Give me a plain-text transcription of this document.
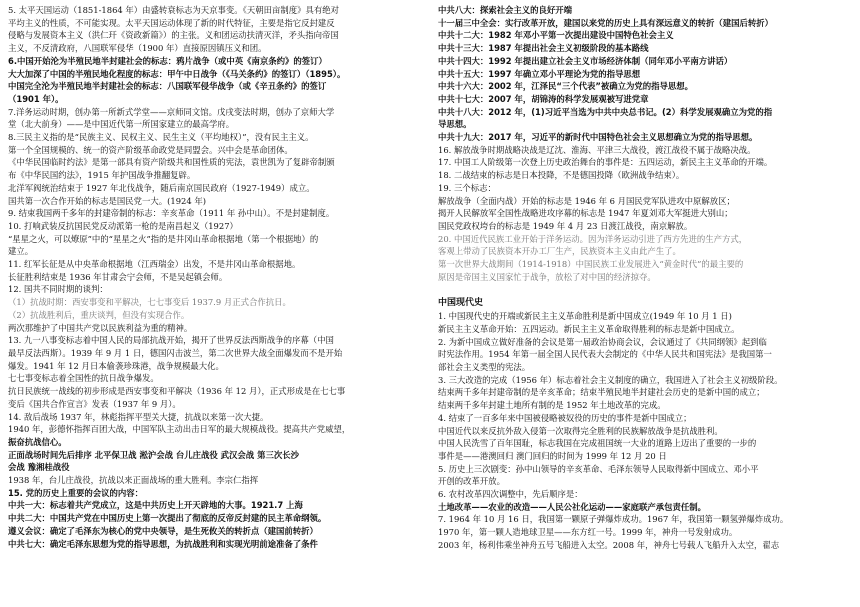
5. 太平天国运动（1851-1864 年）由盛转衰标志为天京事变。《天朝田亩制度》具有绝对
平均主义的性质，不可能实现。太平天国运动体现了新的时代特征，主要是指它反封建反
侵略与发展资本主义（洪仁玕《资政新篇》）的主张。义和团运动扶清灭洋，矛头指向帝国
主义，不反清政府，八国联军侵华（1900 年）直接原因镇压义和团。
6.中国开始沦为半殖民地半封建社会的标志：鸦片战争（或中英《南京条约》的签订）
大大加深了中国的半殖民地化程度的标志：甲午中日战争（《马关条约》的签订）（1895）。
中国完全沦为半殖民地半封建社会的标志：八国联军侵华战争（或《辛丑条约》的签订
（1901 年）。
7.洋务运动时期，创办第一所新式学堂——京师同文馆。戊戌变法时期，创办了京师大学
堂（北大前身）——是中国近代第一所国家建立的最高学府。
8.三民主义指的是“民族主义、民权主义、民生主义（平均地权）”，没有民主主义。
第一个全国规模的、统一的资产阶级革命政党是同盟会。兴中会是革命团体。
《中华民国临时约法》是第一部具有资产阶级共和国性质的宪法，袁世凯为了复辟帝制颁
布《中华民国约法》，1915 年护国战争推翻复辟。
北洋军阀统治结束于 1927 年北伐战争，随后南京国民政府（1927-1949）成立。
国共第一次合作开始的标志是国民党一大。(1924 年)
9. 结束我国两千多年的封建帝制的标志：辛亥革命（1911 年 孙中山）。不是封建制度。
10. 打响武装反抗国民党反动派第一枪的是南昌起义（1927）
“星星之火，可以燎原”中的“星星之火”指的是井冈山革命根据地（第一个根据地）的
建立。
11. 红军长征是从中央革命根据地（江西瑞金）出发，不是井冈山革命根据地。
长征胜利结束是 1936 年甘肃会宁会师，不是吴起镇会师。
12. 国共不同时期的谈判：
（1）抗战时期：西安事变和平解决，七七事变后 1937.9 月正式合作抗日。
（2）抗战胜利后，重庆谈判，但没有实现合作。
两次那维护了中国共产党以民族利益为重的精神。
13. 九一八事变标志着中国人民的局部抗战开始，揭开了世界反法西斯战争的序幕（中国
最早反法西斯）。1939 年 9 月 1 日，德国闪击波兰，第二次世界大战全面爆发而不是开始
爆发。1941 年 12 月日本偷袭珍珠港，战争规模最大化。
七七事变标志着全国性的抗日战争爆发。
抗日民族统一战线的初步形成是西安事变和平解决（1936 年 12 月），正式形成是在七七事
变后《国共合作宣言》发表（1937 年 9 月）。
14. 敌后战场 1937 年，林彪指挥平型关大捷，抗战以来第一次大捷。
1940 年，彭德怀指挥百团大战，中国军队主动出击日军的最大规模战役。提高共产党威望，
振奋抗战信心。
正面战场时间先后排序 北平保卫战 淞沪会战 台儿庄战役 武汉会战 第三次长沙
会战 豫湘桂战役
1938 年，台儿庄战役，抗战以来正面战场的重大胜利。李宗仁指挥
15. 党的历史上重要的会议的内容：
中共一大：标志着共产党成立，这是中共历史上开天辟地的大事。1921.7 上海
中共二大：中国共产党在中国历史上第一次提出了彻底的反帝反封建的民主革命纲领。
遵义会议：确定了毛泽东为核心的党中央领导，是生死攸关的转折点（建国前转折）
中共七大：确定毛泽东思想为党的指导思想，为抗战胜利和实现光明前途准备了条件
中共八大：探索社会主义的良好开端
十一届三中全会：实行改革开放，建国以来党的历史上具有深远意义的转折（建国后转折）
中共十二大：1982 年邓小平第一次提出建设中国特色社会主义
中共十三大：1987 年提出社会主义初级阶段的基本路线
中共十四大：1992 年提出建立社会主义市场经济体制（同年邓小平南方讲话）
中共十五大：1997 年确立邓小平理论为党的指导思想
中共十六大：2002 年，江泽民“三个代表”被确立为党的指导思想。
中共十七大：2007 年，胡锦涛的科学发展观被写进党章
中共十八大：2012 年，(1)习近平当选为中共中央总书记。(2）科学发展观确立为党的指
导思想。
中共十九大：2017 年，习近平的新时代中国特色社会主义思想确立为党的指导思想。
16. 解放战争时期战略决战是辽沈、淮海、平津三大战役，渡江战役不属于战略决战。
17. 中国工人阶级第一次登上历史政治舞台的事件是：五四运动，新民主主义革命的开端。
18. 二战结束的标志是日本投降，不是德国投降（欧洲战争结束）。
19. 三个标志：
解放战争（全面内战）开始的标志是 1946 年 6 月国民党军队进攻中原解放区；
揭开人民解放军全国性战略进攻序幕的标志是 1947 年夏刘邓大军挺进大别山；
国民党政权垮台的标志是 1949 年 4 月 23 日渡江战役，南京解放。
20. 中国近代民族工业开始于洋务运动。因为洋务运动引进了西方先进的生产方式，
客观上带动了民族资本开办工厂生产，民族资本主义由此产生了。
第一次世界大战期间（1914-1918）中国民族工业发展进入“黄金时代”的最主要的
原因是帝国主义国家忙于战争，放松了对中国的经济掠夺。
中国现代史
1. 中国现代史的开端或新民主主义革命胜利是新中国成立(1949 年 10 月 1 日)
新民主主义革命开始：五四运动。新民主主义革命取得胜利的标志是新中国成立。
2. 为新中国成立做好准备的会议是第一届政治协商会议，会议通过了《共同纲领》起到临
时宪法作用。1954 年第一届全国人民代表大会制定的《中华人民共和国宪法》是我国第一
部社会主义类型的宪法。
3. 三大改造的完成（1956 年）标志着社会主义制度的确立，我国进入了社会主义初级阶段。
结束两千多年封建帝制的是辛亥革命；结束半殖民地半封建社会历史的是新中国的成立；
结束两千多年封建土地所有制的是 1952 年土地改革的完成。
4. 结束了一百多年来中国被侵略被奴役的历史的事件是新中国成立；
中国近代以来反抗外敌入侵第一次取得完全胜利的民族解放战争是抗战胜利。
中国人民洗雪了百年国耻，标志我国在完成祖国统一大业的道路上迈出了重要的一步的
事件是——港澳回归 澳门回归的时间为 1999 年 12 月 20 日
5. 历史上三次剧变：孙中山领导的辛亥革命、毛泽东领导人民取得新中国成立、邓小平
开创的改革开放。
6. 农村改革四次调整中，先后顺序是：
土地改革——农业的改造——人民公社化运动——家庭联产承包责任制。
7. 1964 年 10 月 16 日，我国第一颗原子弹爆炸成功。1967 年，我国第一颗氢弹爆炸成功。
1970 年，第一颗人造地球卫星——东方红一号。1999 年，神舟一号发射成功。
2003 年，杨利伟乘坐神舟五号飞船进入太空。2008 年，神舟七号载人飞船升入太空，翟志
